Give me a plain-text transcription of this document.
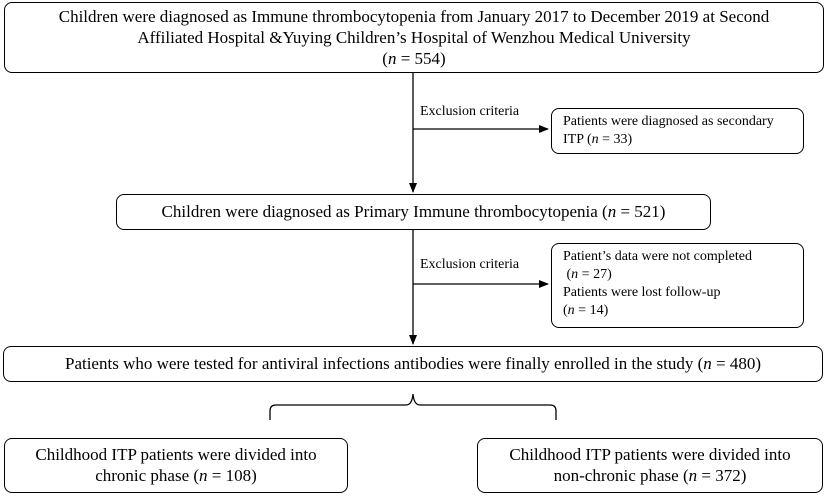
Children were diagnosed as Immune thrombocytopenia from January 2017 to December 2019 at Second
Affiliated Hospital &Yuying Children’s Hospital of Wenzhou Medical University
(n = 554)
Exclusion criteria
Patients were diagnosed as secondary
ITP (n = 33)
Children were diagnosed as Primary Immune thrombocytopenia (n = 521)
Exclusion criteria
Patient’s data were not completed
(n = 27)
Patients were lost follow-up
(n = 14)
Patients who were tested for antiviral infections antibodies were finally enrolled in the study (n = 480)
Childhood ITP patients were divided into
chronic phase (n = 108)
Childhood ITP patients were divided into
non-chronic phase (n = 372)
